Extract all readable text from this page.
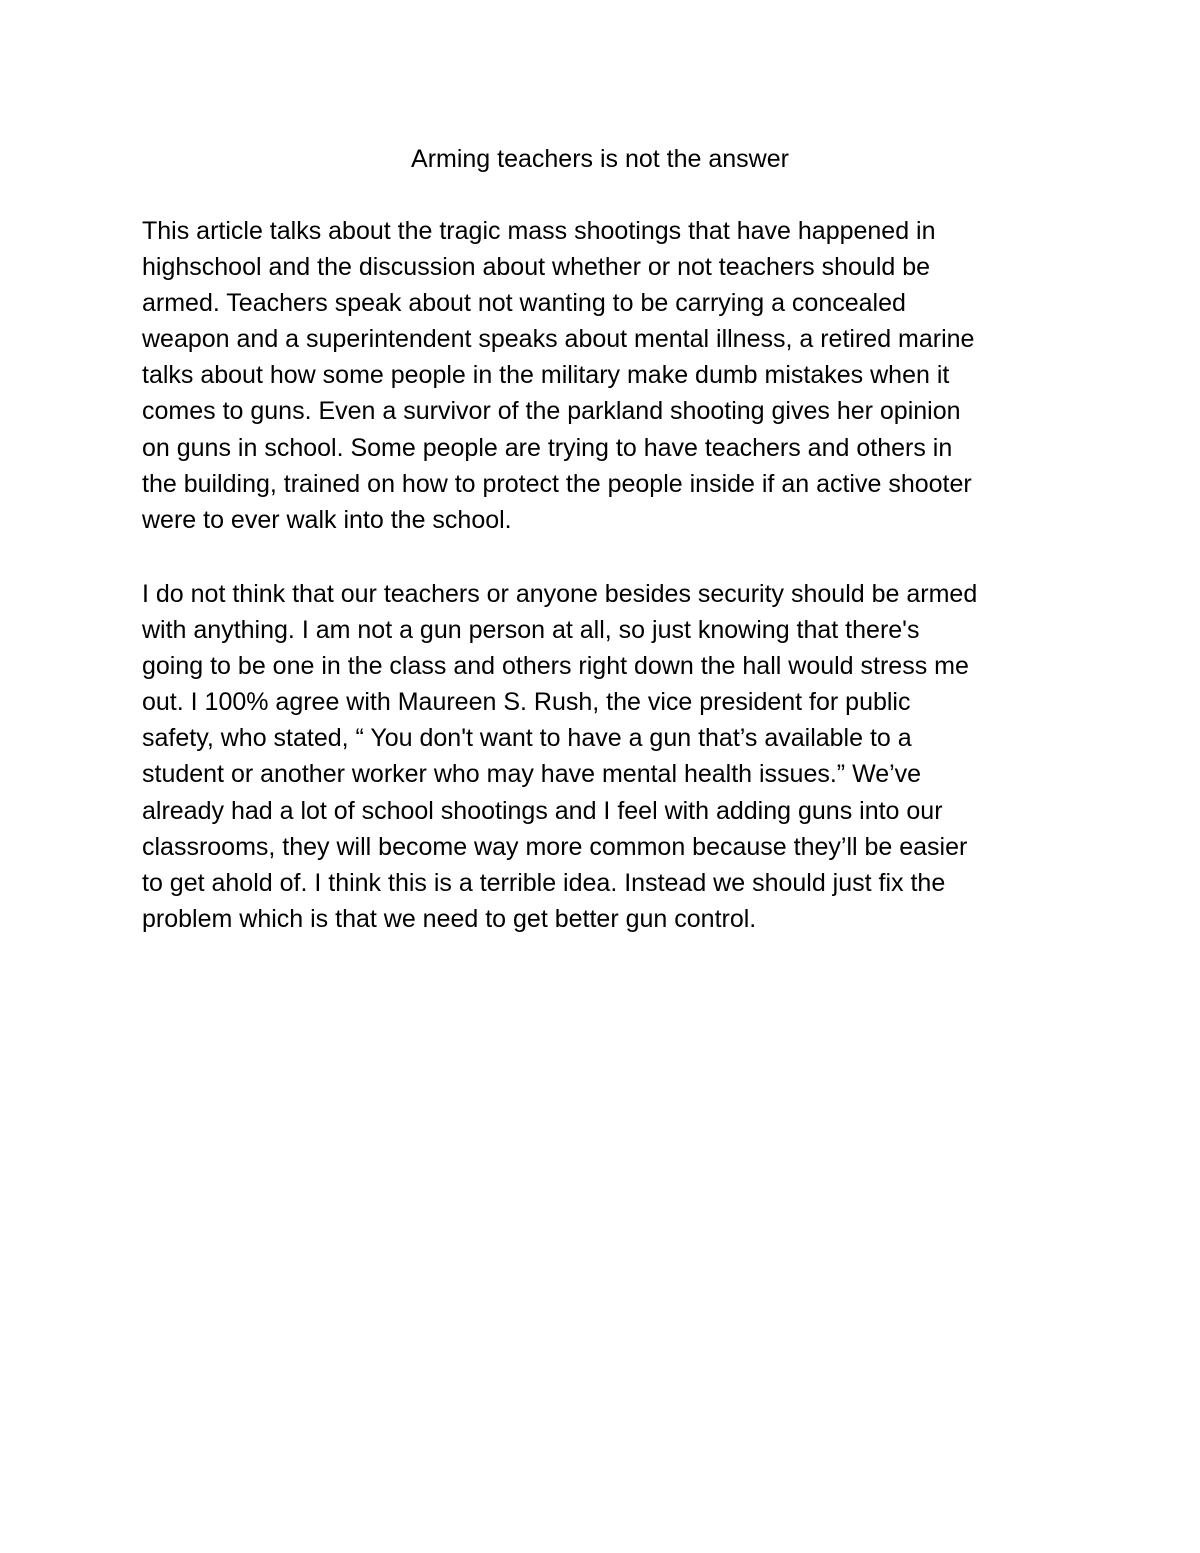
Arming teachers is not the answer

This article talks about the tragic mass shootings that have happened in
highschool and the discussion about whether or not teachers should be
armed. Teachers speak about not wanting to be carrying a concealed
weapon and a superintendent speaks about mental illness, a retired marine
talks about how some people in the military make dumb mistakes when it
comes to guns. Even a survivor of the parkland shooting gives her opinion
on guns in school. Some people are trying to have teachers and others in
the building, trained on how to protect the people inside if an active shooter
were to ever walk into the school.

I do not think that our teachers or anyone besides security should be armed
with anything. I am not a gun person at all, so just knowing that there's
going to be one in the class and others right down the hall would stress me
out. I 100% agree with Maureen S. Rush, the vice president for public
safety, who stated, “ You don't want to have a gun that’s available to a
student or another worker who may have mental health issues.” We’ve
already had a lot of school shootings and I feel with adding guns into our
classrooms, they will become way more common because they’ll be easier
to get ahold of. I think this is a terrible idea. Instead we should just fix the
problem which is that we need to get better gun control.
